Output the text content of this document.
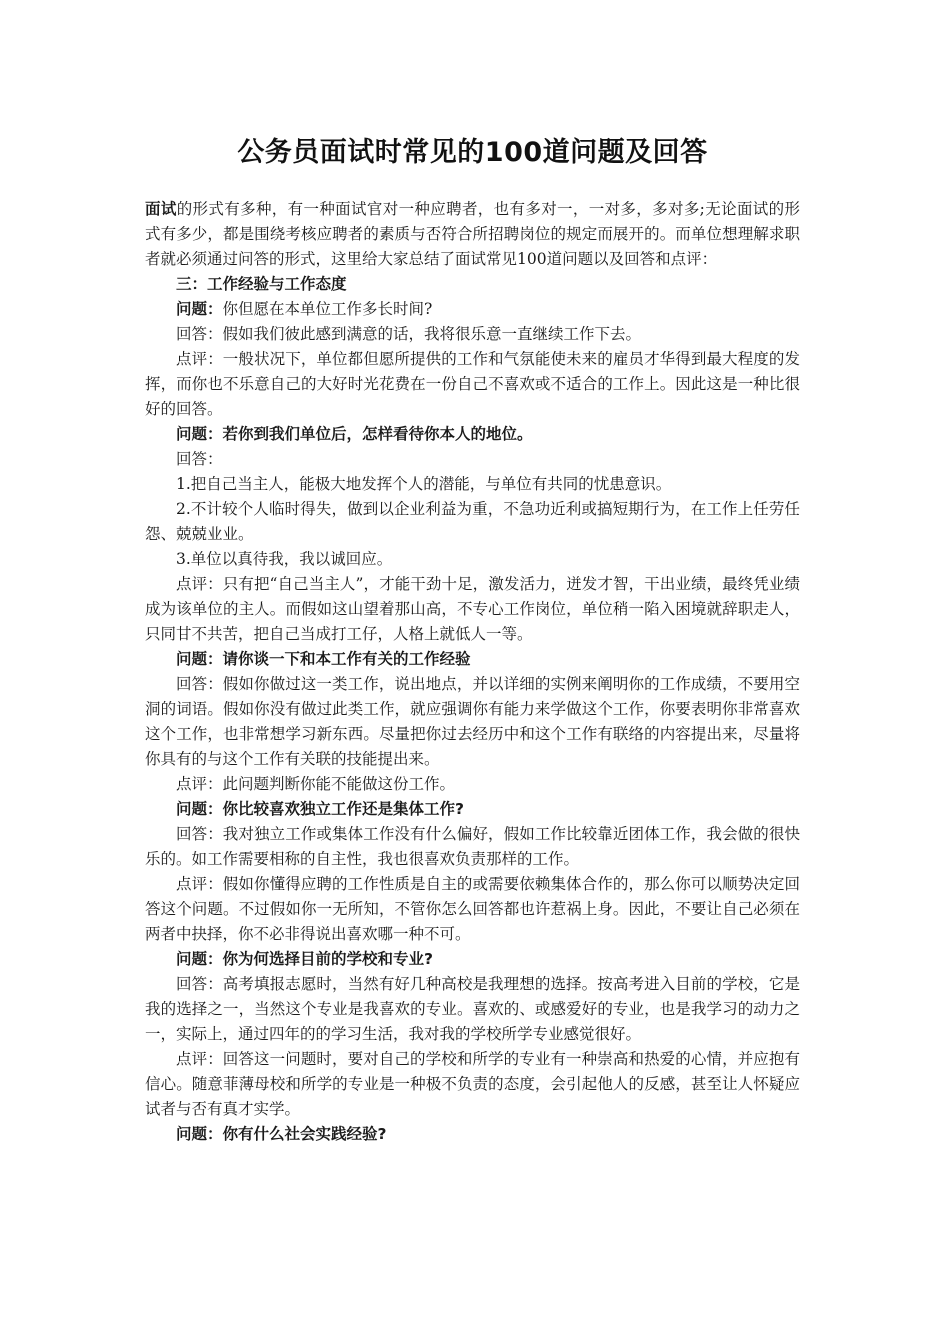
公务员面试时常见的100道问题及回答

面试的形式有多种，有一种面试官对一种应聘者，也有多对一，一对多，多对多;无论面试的形式有多少，都是围绕考核应聘者的素质与否符合所招聘岗位的规定而展开的。而单位想理解求职者就必须通过问答的形式，这里给大家总结了面试常见100道问题以及回答和点评：

三：工作经验与工作态度

问题：你但愿在本单位工作多长时间?

回答：假如我们彼此感到满意的话，我将很乐意一直继续工作下去。

点评：一般状况下，单位都但愿所提供的工作和气氛能使未来的雇员才华得到最大程度的发挥，而你也不乐意自己的大好时光花费在一份自己不喜欢或不适合的工作上。因此这是一种比很好的回答。

问题：若你到我们单位后，怎样看待你本人的地位。

回答：

1.把自己当主人，能极大地发挥个人的潜能，与单位有共同的忧患意识。

2.不计较个人临时得失，做到以企业利益为重，不急功近利或搞短期行为，在工作上任劳任怨、兢兢业业。

3.单位以真待我，我以诚回应。

点评：只有把“自己当主人”，才能干劲十足，激发活力，迸发才智，干出业绩，最终凭业绩成为该单位的主人。而假如这山望着那山高，不专心工作岗位，单位稍一陷入困境就辞职走人，只同甘不共苦，把自己当成打工仔，人格上就低人一等。

问题：请你谈一下和本工作有关的工作经验

回答：假如你做过这一类工作，说出地点，并以详细的实例来阐明你的工作成绩，不要用空洞的词语。假如你没有做过此类工作，就应强调你有能力来学做这个工作，你要表明你非常喜欢这个工作，也非常想学习新东西。尽量把你过去经历中和这个工作有联络的内容提出来，尽量将你具有的与这个工作有关联的技能提出来。

点评：此问题判断你能不能做这份工作。

问题：你比较喜欢独立工作还是集体工作?

回答：我对独立工作或集体工作没有什么偏好，假如工作比较靠近团体工作，我会做的很快乐的。如工作需要相称的自主性，我也很喜欢负责那样的工作。

点评：假如你懂得应聘的工作性质是自主的或需要依赖集体合作的，那么你可以顺势决定回答这个问题。不过假如你一无所知，不管你怎么回答都也许惹祸上身。因此，不要让自己必须在两者中抉择，你不必非得说出喜欢哪一种不可。

问题：你为何选择目前的学校和专业?

回答：高考填报志愿时，当然有好几种高校是我理想的选择。按高考进入目前的学校，它是我的选择之一，当然这个专业是我喜欢的专业。喜欢的、或感爱好的专业，也是我学习的动力之一，实际上，通过四年的的学习生活，我对我的学校所学专业感觉很好。

点评：回答这一问题时，要对自己的学校和所学的专业有一种崇高和热爱的心情，并应抱有信心。随意菲薄母校和所学的专业是一种极不负责的态度，会引起他人的反感，甚至让人怀疑应试者与否有真才实学。

问题：你有什么社会实践经验?
